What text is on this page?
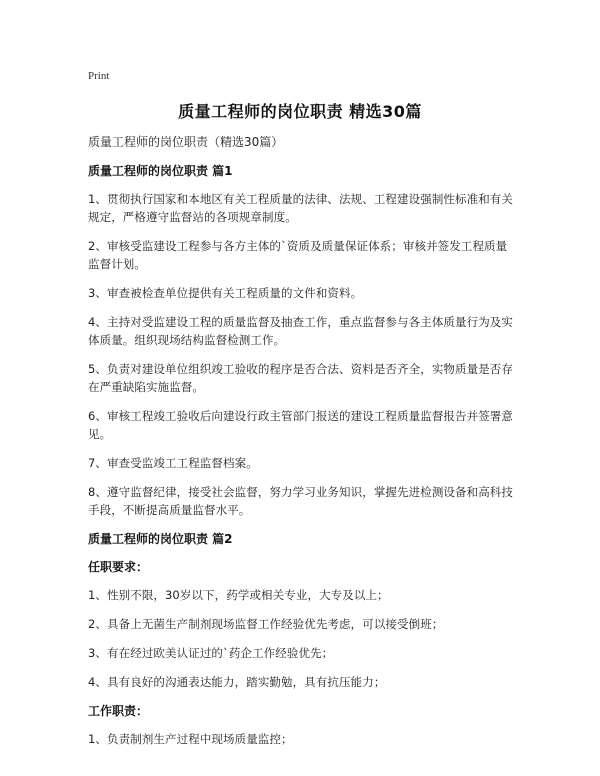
Print
质量工程师的岗位职责 精选30篇

质量工程师的岗位职责（精选30篇）

质量工程师的岗位职责 篇1

1、贯彻执行国家和本地区有关工程质量的法律、法规、工程建设强制性标准和有关规定，严格遵守监督站的各项规章制度。

2、审核受监建设工程参与各方主体的`资质及质量保证体系；审核并签发工程质量监督计划。

3、审查被检查单位提供有关工程质量的文件和资料。

4、主持对受监建设工程的质量监督及抽查工作，重点监督参与各主体质量行为及实体质量。组织现场结构监督检测工作。

5、负责对建设单位组织竣工验收的程序是否合法、资料是否齐全，实物质量是否存在严重缺陷实施监督。

6、审核工程竣工验收后向建设行政主管部门报送的建设工程质量监督报告并签署意见。

7、审查受监竣工工程监督档案。

8、遵守监督纪律，接受社会监督，努力学习业务知识，掌握先进检测设备和高科技手段，不断提高质量监督水平。

质量工程师的岗位职责 篇2

任职要求：

1、性别不限，30岁以下，药学或相关专业，大专及以上；

2、具备上无菌生产制剂现场监督工作经验优先考虑，可以接受倒班；

3、有在经过欧美认证过的`药企工作经验优先；

4、具有良好的沟通表达能力，踏实勤勉，具有抗压能力；

工作职责：

1、负责制剂生产过程中现场质量监控；
